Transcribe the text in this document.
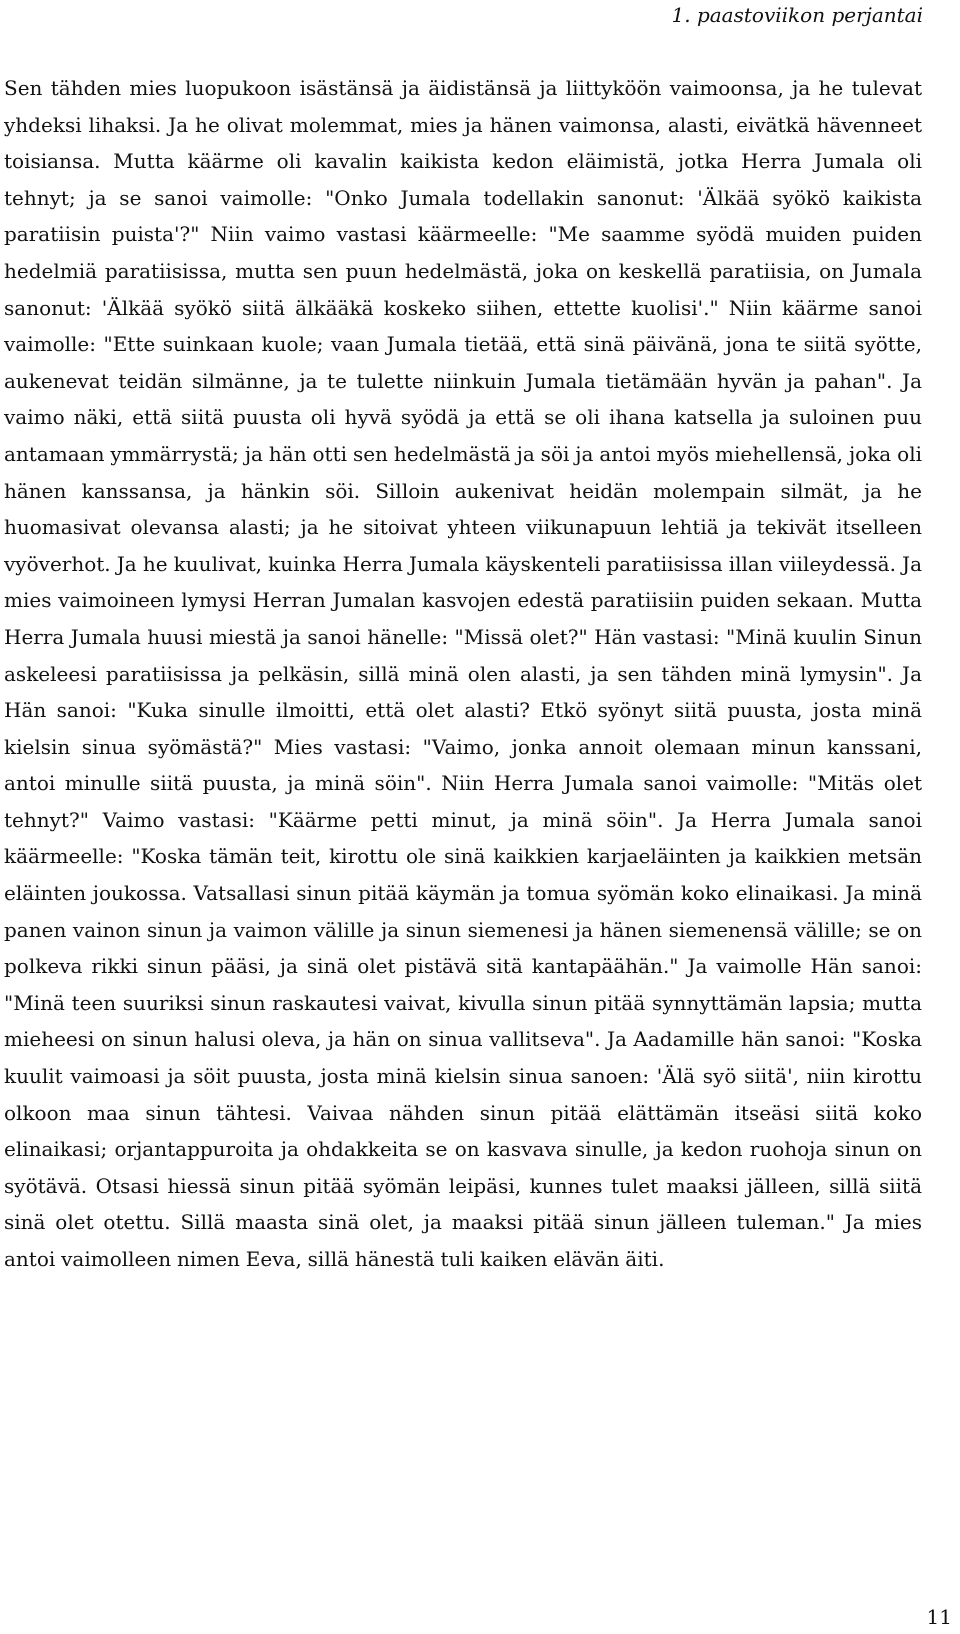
1. paastoviikon perjantai

Sen tähden mies luopukoon isästänsä ja äidistänsä ja liittyköön vaimoonsa, ja he tulevat yhdeksi lihaksi. Ja he olivat molemmat, mies ja hänen vaimonsa, alasti, eivätkä hävenneet toisiansa. Mutta käärme oli kavalin kaikista kedon eläimistä, jotka Herra Jumala oli tehnyt; ja se sanoi vaimolle: "Onko Jumala todellakin sanonut: 'Älkää syökö kaikista paratiisin puista'?" Niin vaimo vastasi käärmeelle: "Me saamme syödä muiden puiden hedelmiä paratiisissa, mutta sen puun hedelmästä, joka on keskellä paratiisia, on Jumala sanonut: 'Älkää syökö siitä älkääkä koskeko siihen, ettette kuolisi'." Niin käärme sanoi vaimolle: "Ette suinkaan kuole; vaan Jumala tietää, että sinä päivänä, jona te siitä syötte, aukenevat teidän silmänne, ja te tulette niinkuin Jumala tietämään hyvän ja pahan". Ja vaimo näki, että siitä puusta oli hyvä syödä ja että se oli ihana katsella ja suloinen puu antamaan ymmärrystä; ja hän otti sen hedelmästä ja söi ja antoi myös miehellensä, joka oli hänen kanssansa, ja hänkin söi. Silloin aukenivat heidän molempain silmät, ja he huomasivat olevansa alasti; ja he sitoivat yhteen viikunapuun lehtiä ja tekivät itselleen vyöverhot. Ja he kuulivat, kuinka Herra Jumala käyskenteli paratiisissa illan viileydessä. Ja mies vaimoineen lymysi Herran Jumalan kasvojen edestä paratiisiin puiden sekaan. Mutta Herra Jumala huusi miestä ja sanoi hänelle: "Missä olet?" Hän vastasi: "Minä kuulin Sinun askeleesi paratiisissa ja pelkäsin, sillä minä olen alasti, ja sen tähden minä lymysin". Ja Hän sanoi: "Kuka sinulle ilmoitti, että olet alasti? Etkö syönyt siitä puusta, josta minä kielsin sinua syömästä?" Mies vastasi: "Vaimo, jonka annoit olemaan minun kanssani, antoi minulle siitä puusta, ja minä söin". Niin Herra Jumala sanoi vaimolle: "Mitäs olet tehnyt?" Vaimo vastasi: "Käärme petti minut, ja minä söin". Ja Herra Jumala sanoi käärmeelle: "Koska tämän teit, kirottu ole sinä kaikkien karjaeläinten ja kaikkien metsän eläinten joukossa. Vatsallasi sinun pitää käymän ja tomua syömän koko elinaikasi. Ja minä panen vainon sinun ja vaimon välille ja sinun siemenesi ja hänen siemenensä välille; se on polkeva rikki sinun pääsi, ja sinä olet pistävä sitä kantapäähän." Ja vaimolle Hän sanoi: "Minä teen suuriksi sinun raskautesi vaivat, kivulla sinun pitää synnyttämän lapsia; mutta mieheesi on sinun halusi oleva, ja hän on sinua vallitseva". Ja Aadamille hän sanoi: "Koska kuulit vaimoasi ja söit puusta, josta minä kielsin sinua sanoen: 'Älä syö siitä', niin kirottu olkoon maa sinun tähtesi. Vaivaa nähden sinun pitää elättämän itseäsi siitä koko elinaikasi; orjantappuroita ja ohdakkeita se on kasvava sinulle, ja kedon ruohoja sinun on syötävä. Otsasi hiessä sinun pitää syömän leipäsi, kunnes tulet maaksi jälleen, sillä siitä sinä olet otettu. Sillä maasta sinä olet, ja maaksi pitää sinun jälleen tuleman." Ja mies antoi vaimolleen nimen Eeva, sillä hänestä tuli kaiken elävän äiti.

11
